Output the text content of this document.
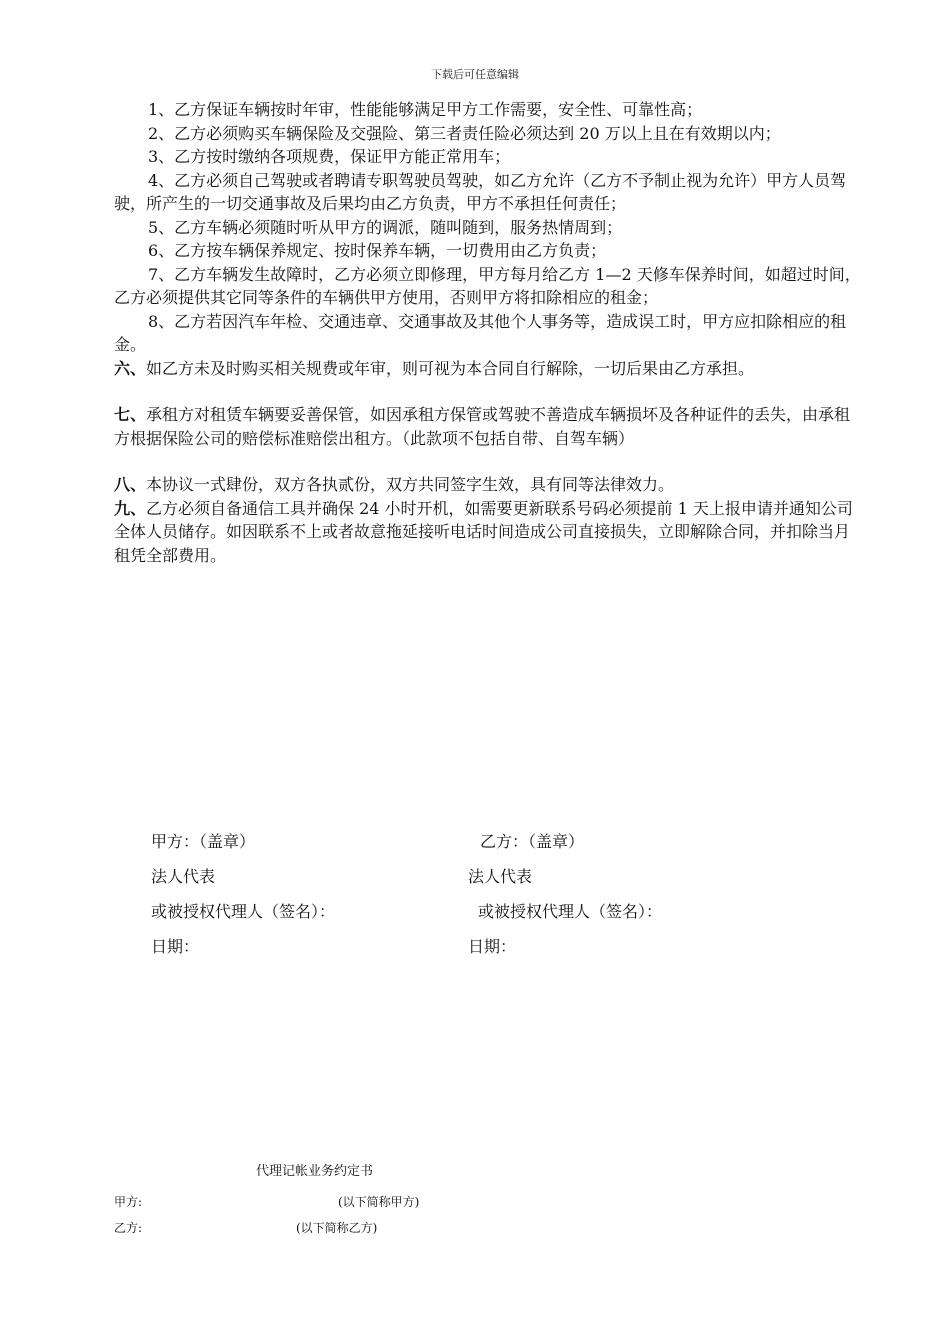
下载后可任意编辑

1、乙方保证车辆按时年审，性能能够满足甲方工作需要，安全性、可靠性高；

2、乙方必须购买车辆保险及交强险、第三者责任险必须达到 20 万以上且在有效期以内；

3、乙方按时缴纳各项规费，保证甲方能正常用车；

4、乙方必须自己驾驶或者聘请专职驾驶员驾驶，如乙方允许（乙方不予制止视为允许）甲方人员驾驶，所产生的一切交通事故及后果均由乙方负责，甲方不承担任何责任；

5、乙方车辆必须随时听从甲方的调派，随叫随到，服务热情周到；

6、乙方按车辆保养规定、按时保养车辆，一切费用由乙方负责；

7、乙方车辆发生故障时，乙方必须立即修理，甲方每月给乙方 1—2 天修车保养时间，如超过时间，乙方必须提供其它同等条件的车辆供甲方使用，否则甲方将扣除相应的租金；

8、乙方若因汽车年检、交通违章、交通事故及其他个人事务等，造成误工时，甲方应扣除相应的租金。

六、如乙方未及时购买相关规费或年审，则可视为本合同自行解除，一切后果由乙方承担。

七、承租方对租赁车辆要妥善保管，如因承租方保管或驾驶不善造成车辆损坏及各种证件的丢失，由承租方根据保险公司的赔偿标准赔偿出租方。（此款项不包括自带、自驾车辆）

八、本协议一式肆份，双方各执贰份，双方共同签字生效，具有同等法律效力。

九、乙方必须自备通信工具并确保 24 小时开机，如需要更新联系号码必须提前 1 天上报申请并通知公司全体人员储存。如因联系不上或者故意拖延接听电话时间造成公司直接损失，立即解除合同，并扣除当月租凭全部费用。

甲方：（盖章）	乙方：（盖章）
法人代表	法人代表
或被授权代理人（签名）：	或被授权代理人（签名）：
日期：	日期：
代理记帐业务约定书
甲方:	(以下简称甲方)
乙方:	(以下简称乙方)
